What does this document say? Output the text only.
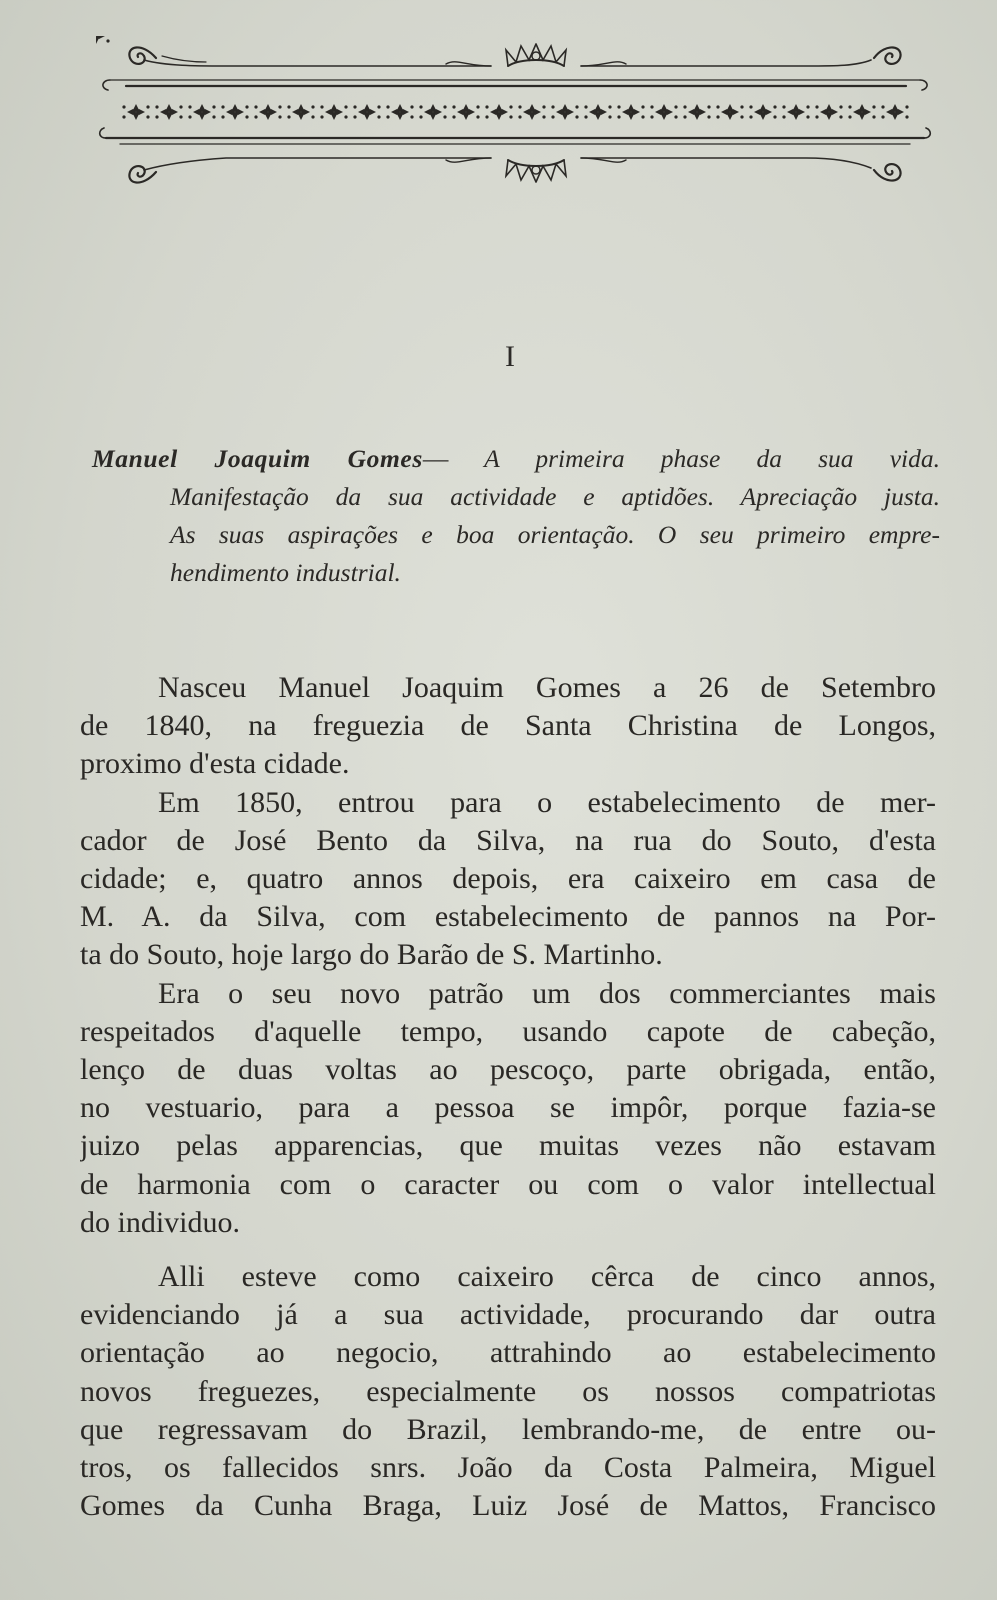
I

Manuel Joaquim Gomes— A primeira phase da sua vida.
Manifestação da sua actividade e aptidões. Apreciação justa.
As suas aspirações e boa orientação. O seu primeiro empre-
hendimento industrial.

Nasceu Manuel Joaquim Gomes a 26 de Setembro
de 1840, na freguezia de Santa Christina de Longos,
proximo d'esta cidade.
Em 1850, entrou para o estabelecimento de mer-
cador de José Bento da Silva, na rua do Souto, d'esta
cidade; e, quatro annos depois, era caixeiro em casa de
M. A. da Silva, com estabelecimento de pannos na Por-
ta do Souto, hoje largo do Barão de S. Martinho.
Era o seu novo patrão um dos commerciantes mais
respeitados d'aquelle tempo, usando capote de cabeção,
lenço de duas voltas ao pescoço, parte obrigada, então,
no vestuario, para a pessoa se impôr, porque fazia-se
juizo pelas apparencias, que muitas vezes não estavam
de harmonia com o caracter ou com o valor intellectual
do individuo.
Alli esteve como caixeiro cêrca de cinco annos,
evidenciando já a sua actividade, procurando dar outra
orientação ao negocio, attrahindo ao estabelecimento
novos freguezes, especialmente os nossos compatriotas
que regressavam do Brazil, lembrando-me, de entre ou-
tros, os fallecidos snrs. João da Costa Palmeira, Miguel
Gomes da Cunha Braga, Luiz José de Mattos, Francisco
